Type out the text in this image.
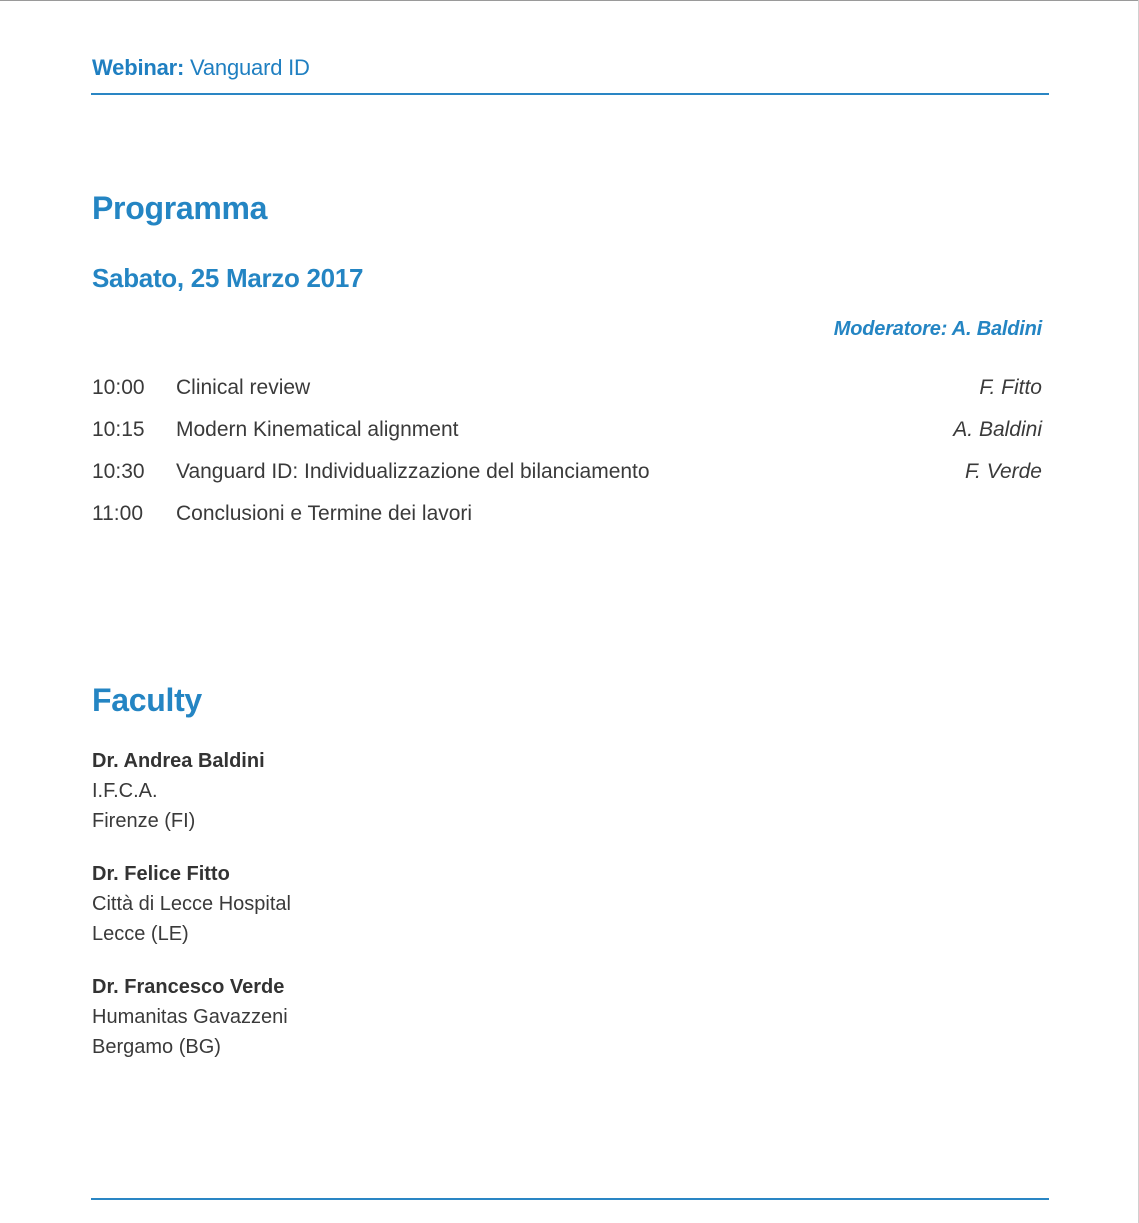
Webinar: Vanguard ID
Programma
Sabato, 25 Marzo 2017
Moderatore: A. Baldini
10:00 Clinical review	F. Fitto
10:15 Modern Kinematical alignment	A. Baldini
10:30 Vanguard ID: Individualizzazione del bilanciamento	F. Verde
11:00 Conclusioni e Termine dei lavori
Faculty
Dr. Andrea Baldini
I.F.C.A.
Firenze (FI)
Dr. Felice Fitto
Città di Lecce Hospital
Lecce (LE)
Dr. Francesco Verde
Humanitas Gavazzeni
Bergamo (BG)
